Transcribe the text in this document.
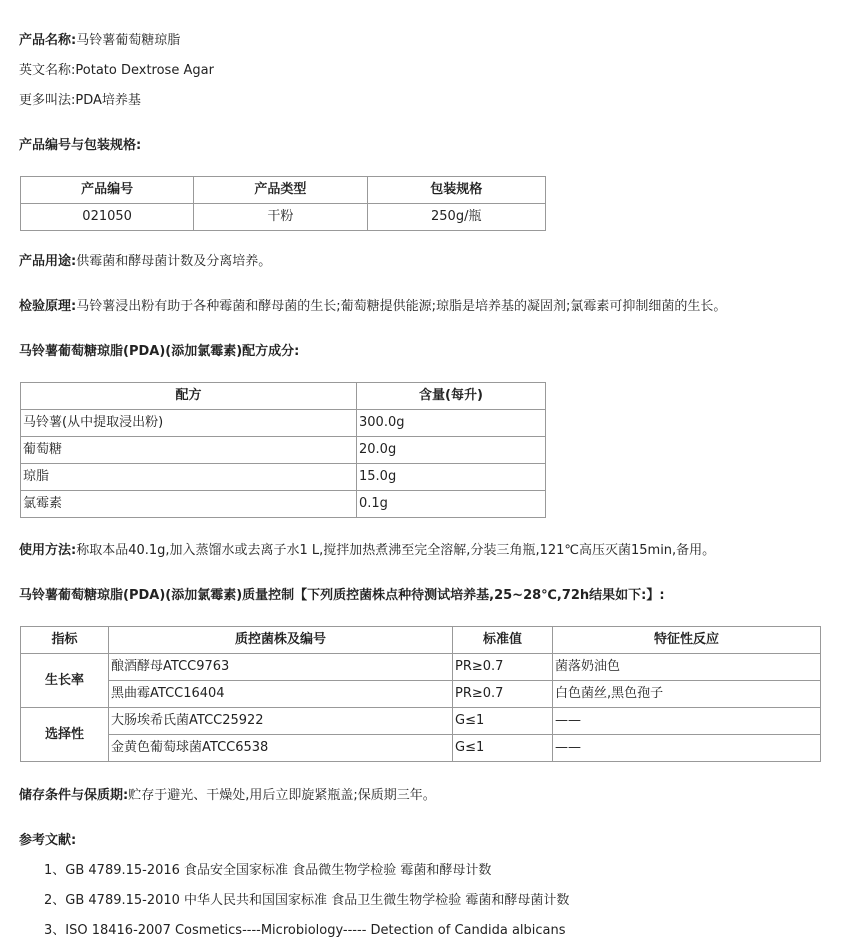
产品名称:马铃薯葡萄糖琼脂
英文名称:Potato Dextrose Agar
更多叫法:PDA培养基
产品编号与包装规格:
产品编号	产品类型	包装规格
021050	干粉	250g/瓶
产品用途:供霉菌和酵母菌计数及分离培养。
检验原理:马铃薯浸出粉有助于各种霉菌和酵母菌的生长;葡萄糖提供能源;琼脂是培养基的凝固剂;氯霉素可抑制细菌的生长。
马铃薯葡萄糖琼脂(PDA)(添加氯霉素)配方成分:
配方	含量(每升)
马铃薯(从中提取浸出粉)	300.0g
葡萄糖	20.0g
琼脂	15.0g
氯霉素	0.1g
使用方法:称取本品40.1g,加入蒸馏水或去离子水1 L,搅拌加热煮沸至完全溶解,分装三角瓶,121℃高压灭菌15min,备用。
马铃薯葡萄糖琼脂(PDA)(添加氯霉素)质量控制【下列质控菌株点种待测试培养基,25~28℃,72h结果如下:】:
指标	质控菌株及编号	标准值	特征性反应
生长率	酿酒酵母ATCC9763	PR≥0.7	菌落奶油色
	黑曲霉ATCC16404	PR≥0.7	白色菌丝,黑色孢子
选择性	大肠埃希氏菌ATCC25922	G≤1	——
	金黄色葡萄球菌ATCC6538	G≤1	——
储存条件与保质期:贮存于避光、干燥处,用后立即旋紧瓶盖;保质期三年。
参考文献:
1、GB 4789.15-2016 食品安全国家标准 食品微生物学检验 霉菌和酵母计数
2、GB 4789.15-2010 中华人民共和国国家标准 食品卫生微生物学检验 霉菌和酵母菌计数
3、ISO 18416-2007 Cosmetics----Microbiology----- Detection of Candida albicans
